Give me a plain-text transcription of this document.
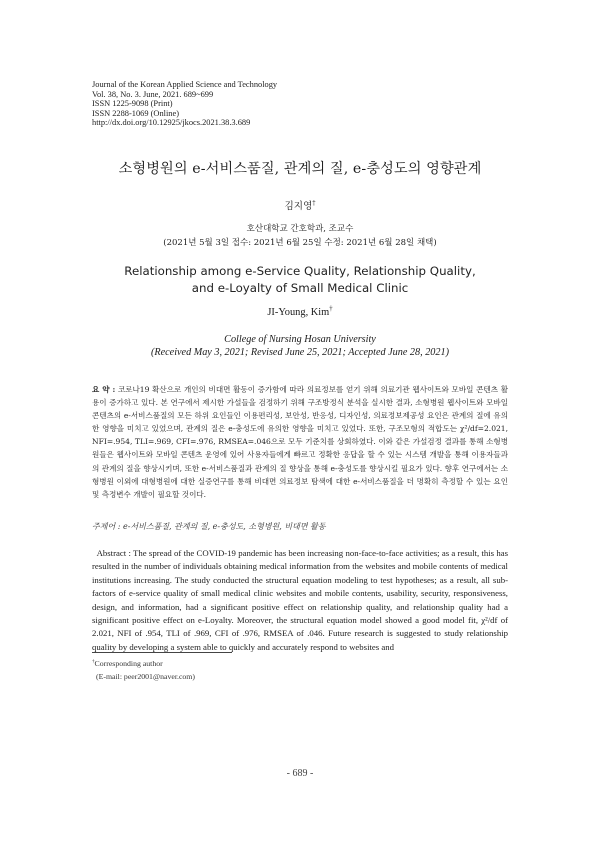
Journal of the Korean Applied Science and Technology
Vol. 38, No. 3. June, 2021. 689~699
ISSN 1225-9098 (Print)
ISSN 2288-1069 (Online)
http://dx.doi.org/10.12925/jkocs.2021.38.3.689
소형병원의 e-서비스품질, 관계의 질, e-충성도의 영향관계
김지영†
호산대학교 간호학과, 조교수
(2021년 5월 3일 접수: 2021년 6월 25일 수정: 2021년 6월 28일 채택)
Relationship among e-Service Quality, Relationship Quality,
and e-Loyalty of Small Medical Clinic
JI-Young, Kim†
College of Nursing Hosan University
(Received May 3, 2021; Revised June 25, 2021; Accepted June 28, 2021)
요 약 : 코로나19 확산으로 개인의 비대면 활동이 증가함에 따라 의료정보를 얻기 위해 의료기관 웹사이트와 모바일 콘텐츠 활용이 증가하고 있다. 본 연구에서 제시한 가설들을 검정하기 위해 구조방정식 분석을 실시한 결과, 소형병원 웹사이트와 모바일 콘텐츠의 e-서비스품질의 모든 하위 요인들인 이용편리성, 보안성, 반응성, 디자인성, 의료정보제공성 요인은 관계의 질에 유의한 영향을 미치고 있었으며, 관계의 질은 e-충성도에 유의한 영향을 미치고 있었다. 또한, 구조모형의 적합도는 χ²/df=2.021, NFI=.954, TLI=.969, CFI=.976, RMSEA=.046으로 모두 기준치를 상회하였다. 이와 같은 가설검정 결과를 통해 소형병원들은 웹사이트와 모바일 콘텐츠 운영에 있어 사용자들에게 빠르고 정확한 응답을 할 수 있는 시스템 개발을 통해 이용자들과의 관계의 질을 향상시키며, 또한 e-서비스품질과 관계의 질 향상을 통해 e-충성도를 향상시킬 필요가 있다. 향후 연구에서는 소형병원 이외에 대형병원에 대한 실증연구를 통해 비대면 의료정보 탐색에 대한 e-서비스품질을 더 명확히 측정할 수 있는 요인 및 측정변수 개발이 필요할 것이다.
주제어 : e-서비스품질, 관계의 질, e-충성도, 소형병원, 비대면 활동
Abstract : The spread of the COVID-19 pandemic has been increasing non-face-to-face activities; as a result, this has resulted in the number of individuals obtaining medical information from the websites and mobile contents of medical institutions increasing. The study conducted the structural equation modeling to test hypotheses; as a result, all sub-factors of e-service quality of small medical clinic websites and mobile contents, usability, security, responsiveness, design, and information, had a significant positive effect on relationship quality, and relationship quality had a significant positive effect on e-Loyalty. Moreover, the structural equation model showed a good model fit, χ²/df of 2.021, NFI of .954, TLI of .969, CFI of .976, RMSEA of .046. Future research is suggested to study relationship quality by developing a system able to quickly and accurately respond to websites and
†Corresponding author
(E-mail: peer2001@naver.com)
- 689 -
